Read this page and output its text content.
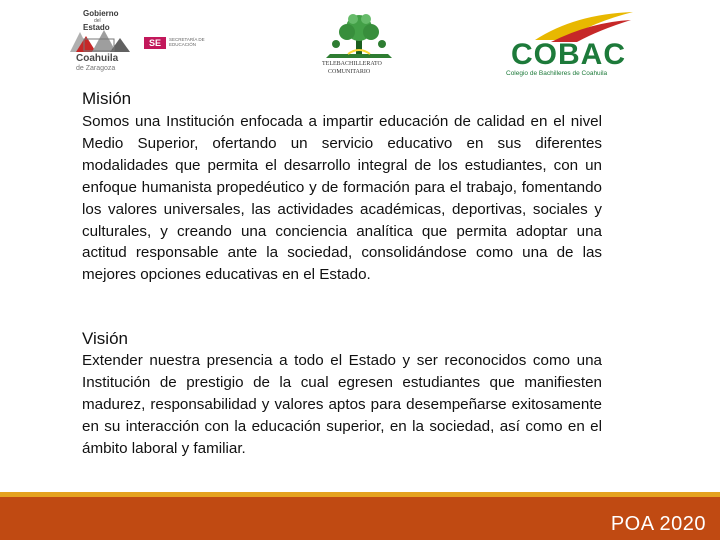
Gobierno
del
Estado
Coahuila
de Zaragoza
SE	SECRETARÍA DE EDUCACIÓN
TELEBACHILLERATO
COMUNITARIO
COBAC
Colegio de Bachilleres de Coahuila
Misión
Somos una Institución enfocada a impartir educación de calidad en el nivel Medio Superior, ofertando un servicio educativo en sus diferentes modalidades que permita el desarrollo integral de los estudiantes, con un enfoque humanista propedéutico y de formación para el trabajo, fomentando los valores universales, las actividades académicas, deportivas, sociales y culturales, y creando una conciencia analítica que permita adoptar una actitud responsable ante la sociedad, consolidándose como una de las mejores opciones educativas en el Estado.
Visión
Extender nuestra presencia a todo el Estado y ser reconocidos como una Institución de prestigio de la cual egresen estudiantes que manifiesten madurez, responsabilidad y valores aptos para desempeñarse exitosamente en su interacción con la educación superior, en la sociedad, así como en el ámbito laboral y familiar.
POA 2020
